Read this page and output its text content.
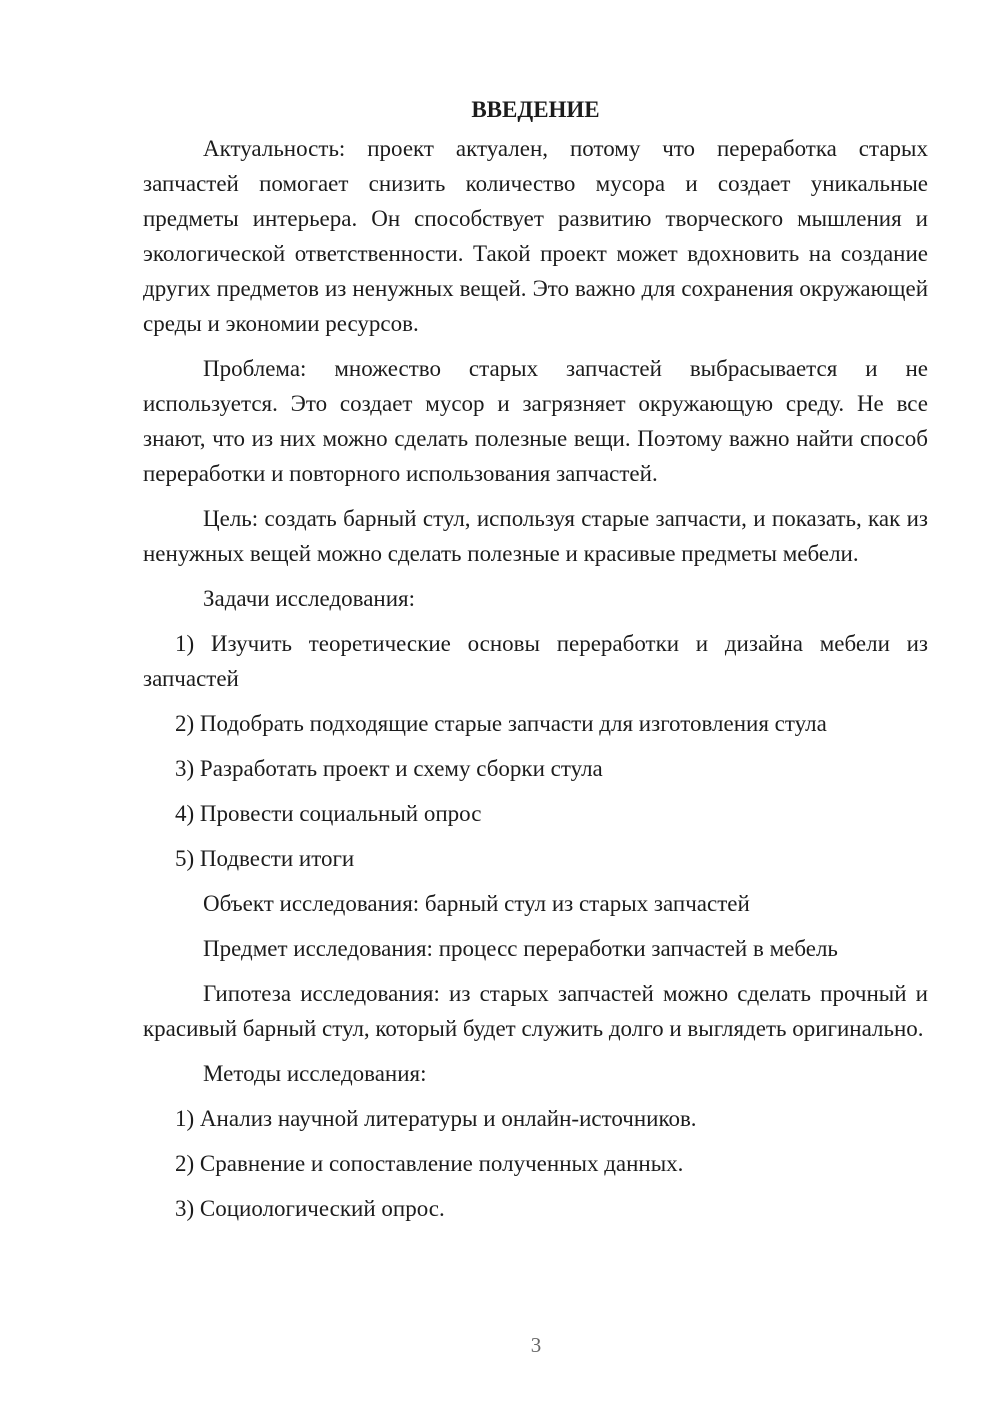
ВВЕДЕНИЕ
Актуальность: проект актуален, потому что переработка старых запчастей помогает снизить количество мусора и создает уникальные предметы интерьера. Он способствует развитию творческого мышления и экологической ответственности. Такой проект может вдохновить на создание других предметов из ненужных вещей. Это важно для сохранения окружающей среды и экономии ресурсов.
Проблема: множество старых запчастей выбрасывается и не используется. Это создает мусор и загрязняет окружающую среду. Не все знают, что из них можно сделать полезные вещи. Поэтому важно найти способ переработки и повторного использования запчастей.
Цель: создать барный стул, используя старые запчасти, и показать, как из ненужных вещей можно сделать полезные и красивые предметы мебели.
Задачи исследования:
1) Изучить теоретические основы переработки и дизайна мебели из запчастей
2) Подобрать подходящие старые запчасти для изготовления стула
3) Разработать проект и схему сборки стула
4) Провести социальный опрос
5) Подвести итоги
Объект исследования: барный стул из старых запчастей
Предмет исследования: процесс переработки запчастей в мебель
Гипотеза исследования: из старых запчастей можно сделать прочный и красивый барный стул, который будет служить долго и выглядеть оригинально.
Методы исследования:
1) Анализ научной литературы и онлайн-источников.
2) Сравнение и сопоставление полученных данных.
3) Социологический опрос.
3
